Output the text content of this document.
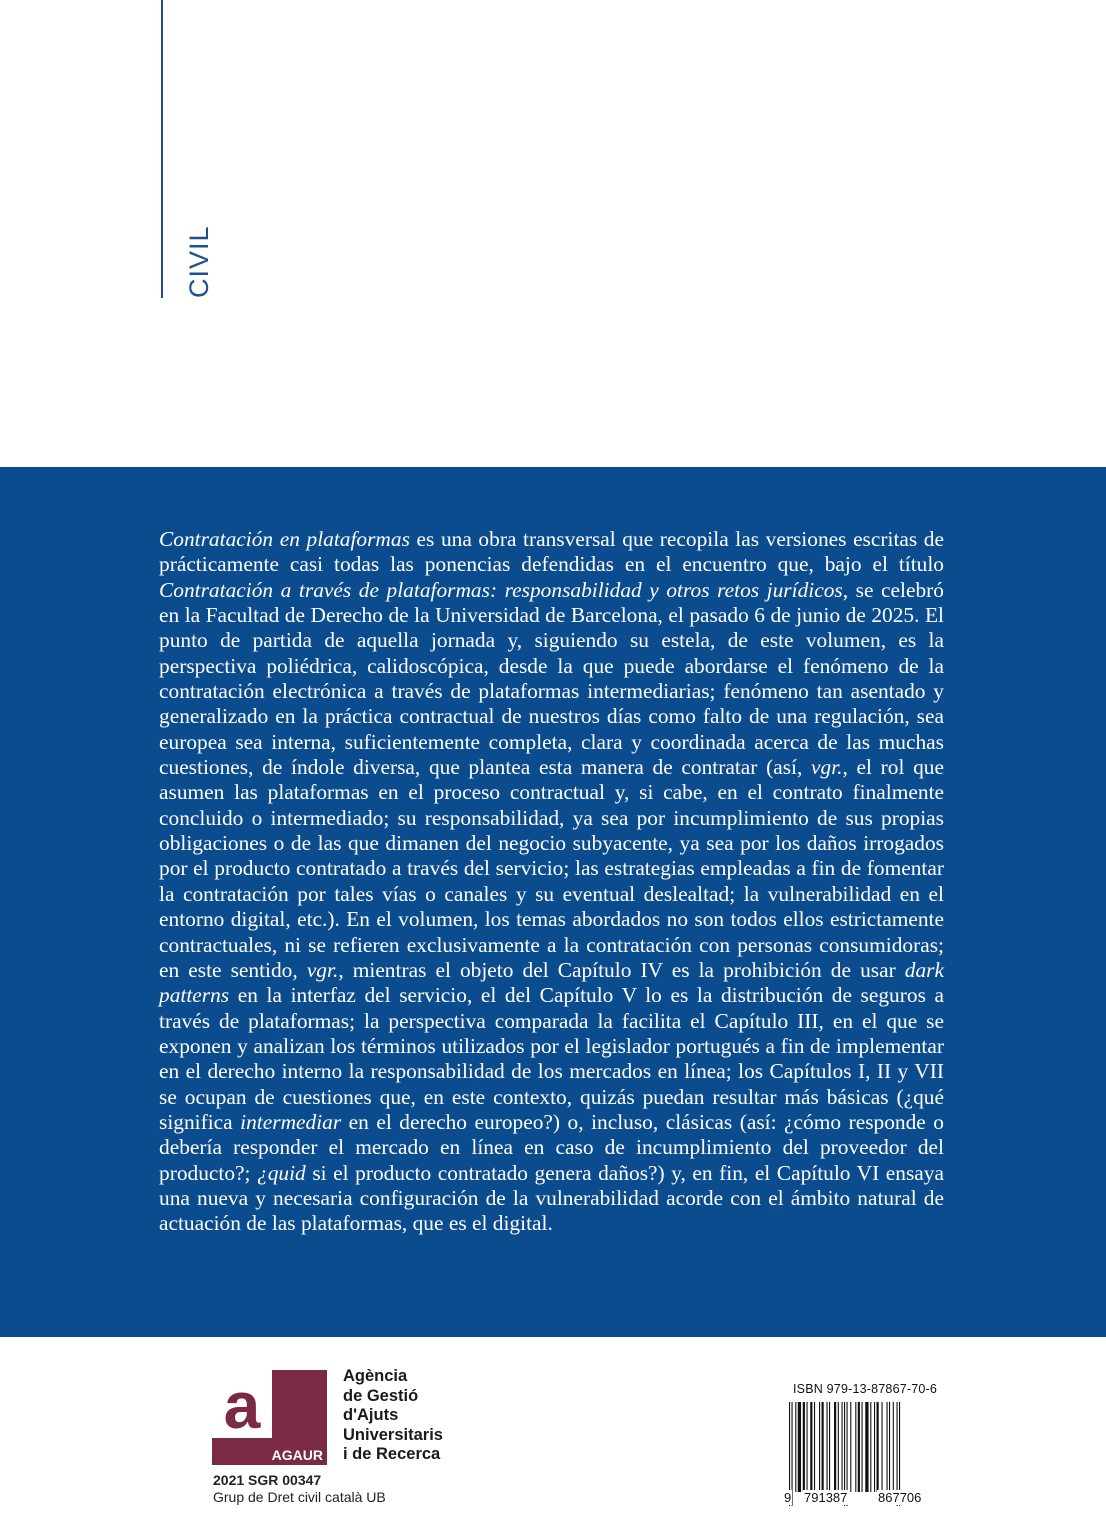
CIVIL

Contratación en plataformas es una obra transversal que recopila las versiones escritas de prácticamente casi todas las ponencias defendidas en el encuentro que, bajo el título Contratación a través de plataformas: responsabilidad y otros retos jurídicos, se celebró en la Facultad de Derecho de la Universidad de Barcelona, el pasado 6 de junio de 2025. El punto de partida de aquella jornada y, siguiendo su estela, de este volumen, es la perspectiva poliédrica, calidoscópica, desde la que puede abordarse el fenómeno de la contratación electrónica a través de plataformas intermediarias; fenómeno tan asentado y generalizado en la práctica contractual de nuestros días como falto de una regulación, sea europea sea interna, suficientemente completa, clara y coordinada acerca de las muchas cuestiones, de índole diversa, que plantea esta manera de contratar (así, vgr., el rol que asumen las plataformas en el proceso contractual y, si cabe, en el contrato finalmente concluido o intermediado; su responsabilidad, ya sea por incumplimiento de sus propias obligaciones o de las que dimanen del negocio subyacente, ya sea por los daños irrogados por el producto contratado a través del servicio; las estrategias empleadas a fin de fomentar la contratación por tales vías o canales y su eventual deslealtad; la vulnerabilidad en el entorno digital, etc.). En el volumen, los temas abordados no son todos ellos estrictamente contractuales, ni se refieren exclusivamente a la contratación con personas consumidoras; en este sentido, vgr., mientras el objeto del Capítulo IV es la prohibición de usar dark patterns en la interfaz del servicio, el del Capítulo V lo es la distribución de seguros a través de plataformas; la perspectiva comparada la facilita el Capítulo III, en el que se exponen y analizan los términos utilizados por el legislador portugués a fin de implementar en el derecho interno la responsabilidad de los mercados en línea; los Capítulos I, II y VII se ocupan de cuestiones que, en este contexto, quizás puedan resultar más básicas (¿qué significa intermediar en el derecho europeo?) o, incluso, clásicas (así: ¿cómo responde o debería responder el mercado en línea en caso de incumplimiento del proveedor del producto?; ¿quid si el producto contratado genera daños?) y, en fin, el Capítulo VI ensaya una nueva y necesaria configuración de la vulnerabilidad acorde con el ámbito natural de actuación de las plataformas, que es el digital.

a
AGAUR
Agència
de Gestió
d'Ajuts
Universitaris
i de Recerca
2021 SGR 00347
Grup de Dret civil català UB
ISBN 979-13-87867-70-6
9 791387 867706
